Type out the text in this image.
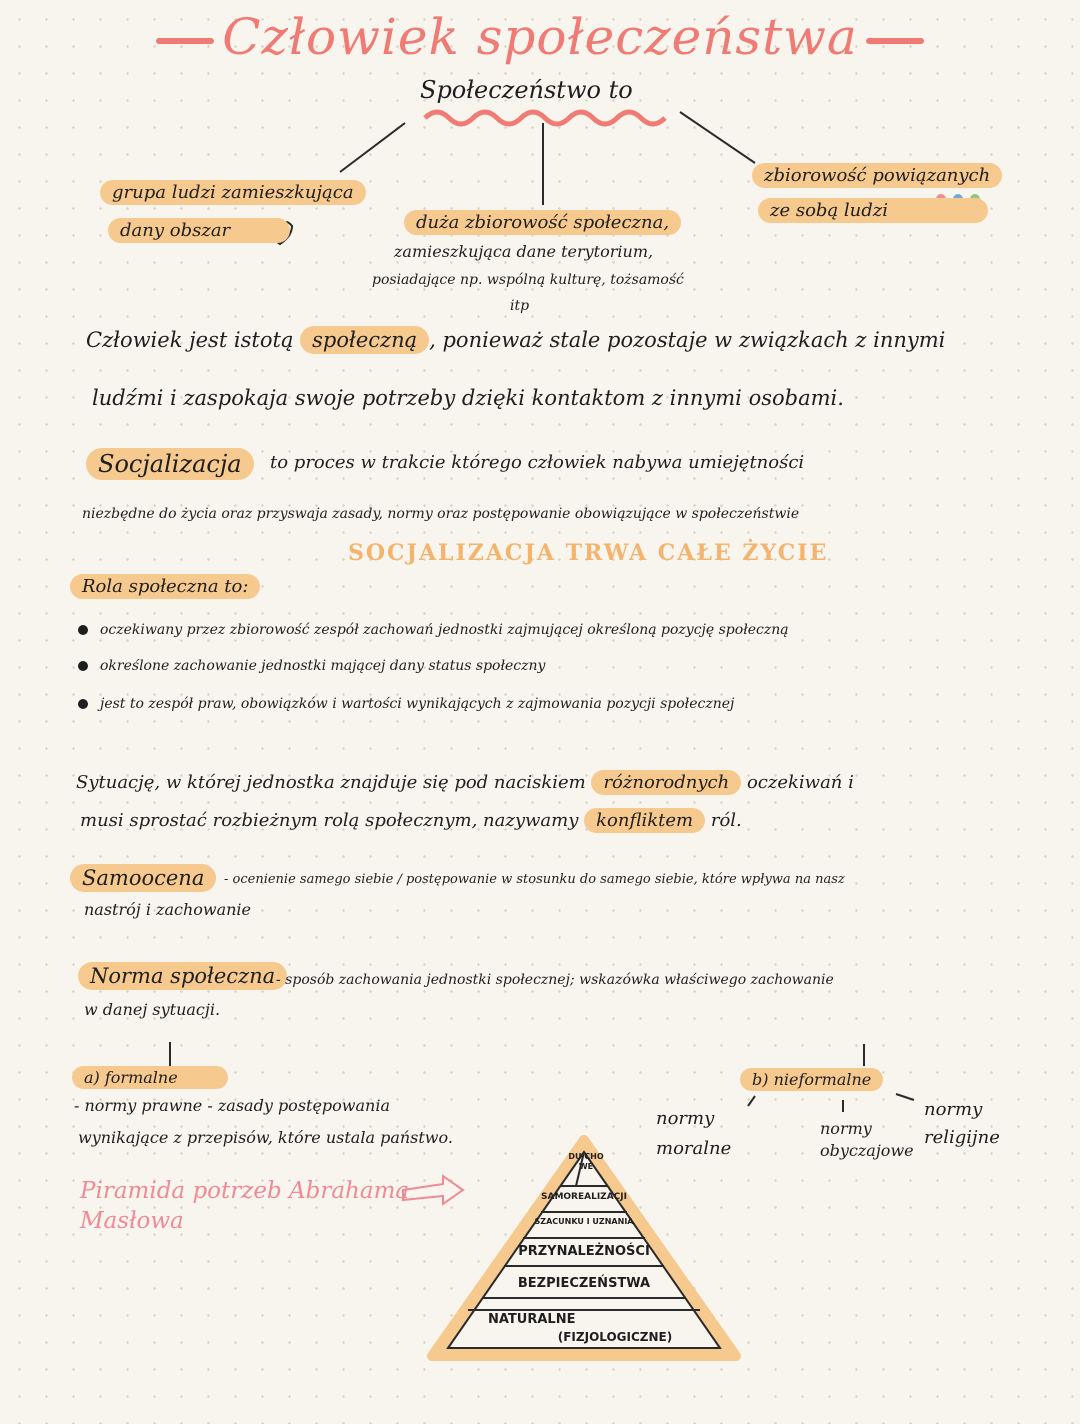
Człowiek społeczeństwa
Społeczeństwo to
grupa ludzi zamieszkująca
dany obszar	duża zbiorowość społeczna,
zamieszkująca dane terytorium,
posiadające np. wspólną kulturę, tożsamość
itp
zbiorowość powiązanych
ze sobą ludzi
Człowiek jest istotą społeczną , ponieważ stale pozostaje w związkach z innymi
ludźmi i zaspokaja swoje potrzeby dzięki kontaktom z innymi osobami.
Socjalizacja	to proces w trakcie którego człowiek nabywa umiejętności
niezbędne do życia oraz przyswaja zasady, normy oraz postępowanie obowiązujące w społeczeństwie
SOCJALIZACJA TRWA CAŁE ŻYCIE
Rola społeczna to:
oczekiwany przez zbiorowość zespół zachowań jednostki zajmującej określoną pozycję społeczną
określone zachowanie jednostki mającej dany status społeczny
jest to zespół praw, obowiązków i wartości wynikających z zajmowania pozycji społecznej
Sytuację, w której jednostka znajduje się pod naciskiem różnorodnych oczekiwań i
musi sprostać rozbieżnym rolą społecznym, nazywamy konfliktem ról.
Samoocena	- ocenienie samego siebie / postępowanie w stosunku do samego siebie, które wpływa na nasz
nastrój i zachowanie
Norma społeczna - sposób zachowania jednostki społecznej; wskazówka właściwego zachowanie
w danej sytuacji.
a) formalne
- normy prawne - zasady postępowania
wynikające z przepisów, które ustala państwo.
b) nieformalne
normy moralne
normy obyczajowe
normy religijne
Piramida potrzeb Abrahama
Masłowa
DU CHO WE
SAMOREALIZACJI
SZACUNKU I UZNANIA
PRZYNALEŻNOŚCI
BEZPIECZEŃSTWA
NATURALNE
(FIZJOLOGICZNE)
